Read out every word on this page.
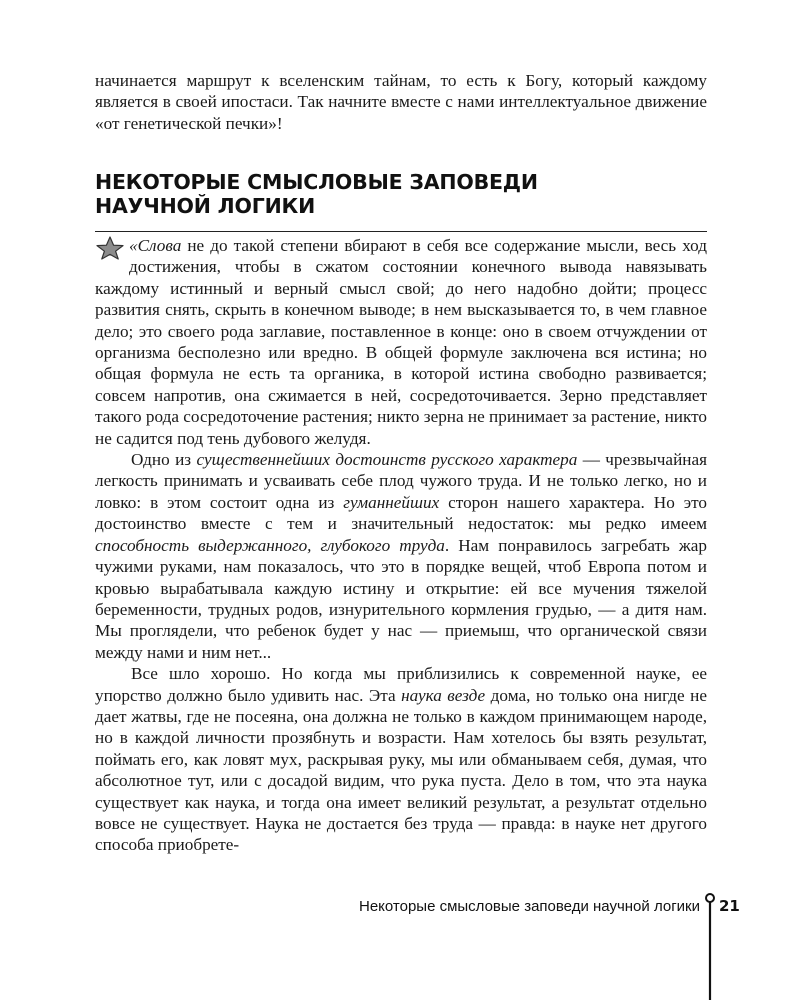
начинается маршрут к вселенским тайнам, то есть к Богу, который каждому является в своей ипостаси. Так начните вместе с нами интеллектуальное движение «от генетической печки»!
НЕКОТОРЫЕ СМЫСЛОВЫЕ ЗАПОВЕДИ
НАУЧНОЙ ЛОГИКИ

«Слова не до такой степени вбирают в себя все содержание мысли, весь ход достижения, чтобы в сжатом состоянии конечного вывода навязывать каждому истинный и верный смысл свой; до него надобно дойти; процесс развития снять, скрыть в конечном выводе; в нем высказывается то, в чем главное дело; это своего рода заглавие, поставленное в конце: оно в своем отчуждении от организма бесполезно или вредно. В общей формуле заключена вся истина; но общая формула не есть та органика, в которой истина свободно развивается; совсем напротив, она сжимается в ней, сосредоточивается. Зерно представляет такого рода сосредоточение растения; никто зерна не принимает за растение, никто не садится под тень дубового желудя.

Одно из существеннейших достоинств русского характера — чрезвычайная легкость принимать и усваивать себе плод чужого труда. И не только легко, но и ловко: в этом состоит одна из гуманнейших сторон нашего характера. Но это достоинство вместе с тем и значительный недостаток: мы редко имеем способность выдержанного, глубокого труда. Нам понравилось загребать жар чужими руками, нам показалось, что это в порядке вещей, чтоб Европа потом и кровью вырабатывала каждую истину и открытие: ей все мучения тяжелой беременности, трудных родов, изнурительного кормления грудью, — а дитя нам. Мы проглядели, что ребенок будет у нас — приемыш, что органической связи между нами и ним нет...

Все шло хорошо. Но когда мы приблизились к современной науке, ее упорство должно было удивить нас. Эта наука везде дома, но только она нигде не дает жатвы, где не посеяна, она должна не только в каждом принимающем народе, но в каждой личности прозябнуть и возрасти. Нам хотелось бы взять результат, поймать его, как ловят мух, раскрывая руку, мы или обманываем себя, думая, что абсолютное тут, или с досадой видим, что рука пуста. Дело в том, что эта наука существует как наука, и тогда она имеет великий результат, а результат отдельно вовсе не существует. Наука не достается без труда — правда: в науке нет другого способа приобрете-

Некоторые смысловые заповеди научной логики 21
